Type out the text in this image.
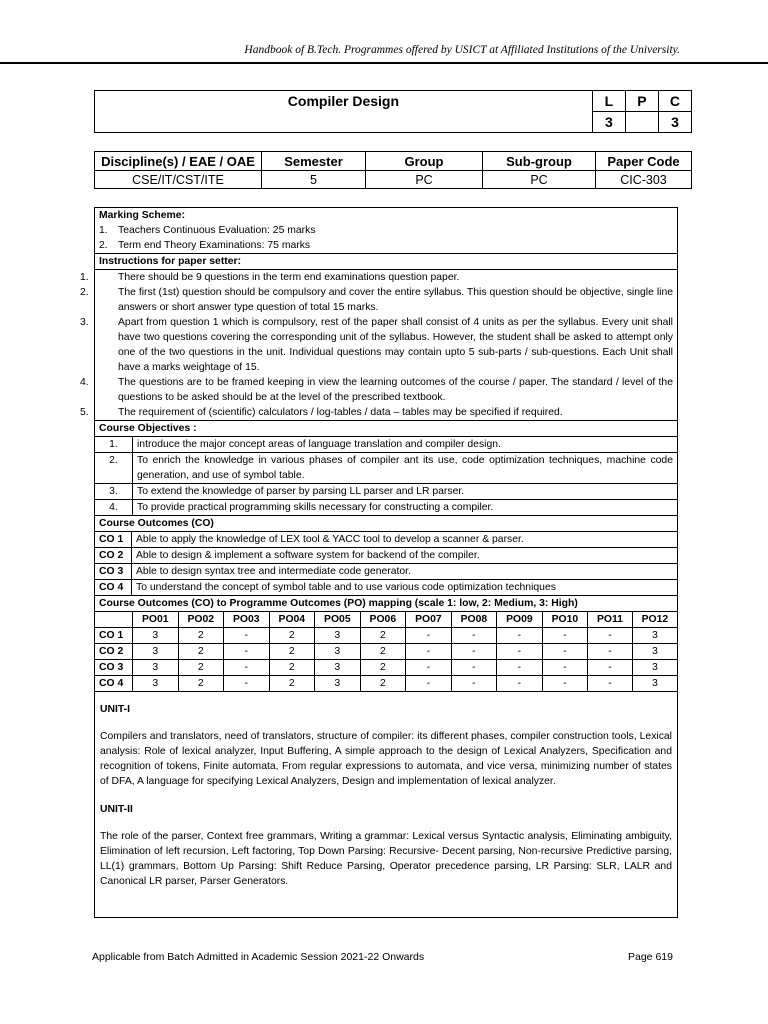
Handbook of B.Tech. Programmes offered by USICT at Affiliated Institutions of the University.
Compiler Design	L	P	C
	3		3
Discipline(s) / EAE / OAE	Semester	Group	Sub-group	Paper Code
CSE/IT/CST/ITE	5	PC	PC	CIC-303
Marking Scheme:
1. Teachers Continuous Evaluation: 25 marks
2. Term end Theory Examinations: 75 marks
Instructions for paper setter:
1.	There should be 9 questions in the term end examinations question paper.
2.	The first (1st) question should be compulsory and cover the entire syllabus. This question should be objective, single line answers or short answer type question of total 15 marks.
3.	Apart from question 1 which is compulsory, rest of the paper shall consist of 4 units as per the syllabus. Every unit shall have two questions covering the corresponding unit of the syllabus. However, the student shall be asked to attempt only one of the two questions in the unit. Individual questions may contain upto 5 sub-parts / sub-questions. Each Unit shall have a marks weightage of 15.
4.	The questions are to be framed keeping in view the learning outcomes of the course / paper. The standard / level of the questions to be asked should be at the level of the prescribed textbook.
5.	The requirement of (scientific) calculators / log-tables / data – tables may be specified if required.
Course Objectives :
1.	introduce the major concept areas of language translation and compiler design.
2.	To enrich the knowledge in various phases of compiler ant its use, code optimization techniques, machine code generation, and use of symbol table.
3.	To extend the knowledge of parser by parsing LL parser and LR parser.
4.	To provide practical programming skills necessary for constructing a compiler.
Course Outcomes (CO)
CO 1	Able to apply the knowledge of LEX tool & YACC tool to develop a scanner & parser.
CO 2	Able to design & implement a software system for backend of the compiler.
CO 3	Able to design syntax tree and intermediate code generator.
CO 4	To understand the concept of symbol table and to use various code optimization techniques
Course Outcomes (CO) to Programme Outcomes (PO) mapping (scale 1: low, 2: Medium, 3: High)
	PO01	PO02	PO03	PO04	PO05	PO06	PO07	PO08	PO09	PO10	PO11	PO12
CO 1	3	2	-	2	3	2	-	-	-	-	-	3
CO 2	3	2	-	2	3	2	-	-	-	-	-	3
CO 3	3	2	-	2	3	2	-	-	-	-	-	3
CO 4	3	2	-	2	3	2	-	-	-	-	-	3

UNIT-I

Compilers and translators, need of translators, structure of compiler: its different phases, compiler construction tools, Lexical analysis: Role of lexical analyzer, Input Buffering, A simple approach to the design of Lexical Analyzers, Specification and recognition of tokens, Finite automata, From regular expressions to automata, and vice versa, minimizing number of states of DFA, A language for specifying Lexical Analyzers, Design and implementation of lexical analyzer.

UNIT-II

The role of the parser, Context free grammars, Writing a grammar: Lexical versus Syntactic analysis, Eliminating ambiguity, Elimination of left recursion, Left factoring, Top Down Parsing: Recursive- Decent parsing, Non-recursive Predictive parsing, LL(1) grammars, Bottom Up Parsing: Shift Reduce Parsing, Operator precedence parsing, LR Parsing: SLR, LALR and Canonical LR parser, Parser Generators.

Applicable from Batch Admitted in Academic Session 2021-22 Onwards	Page 619
